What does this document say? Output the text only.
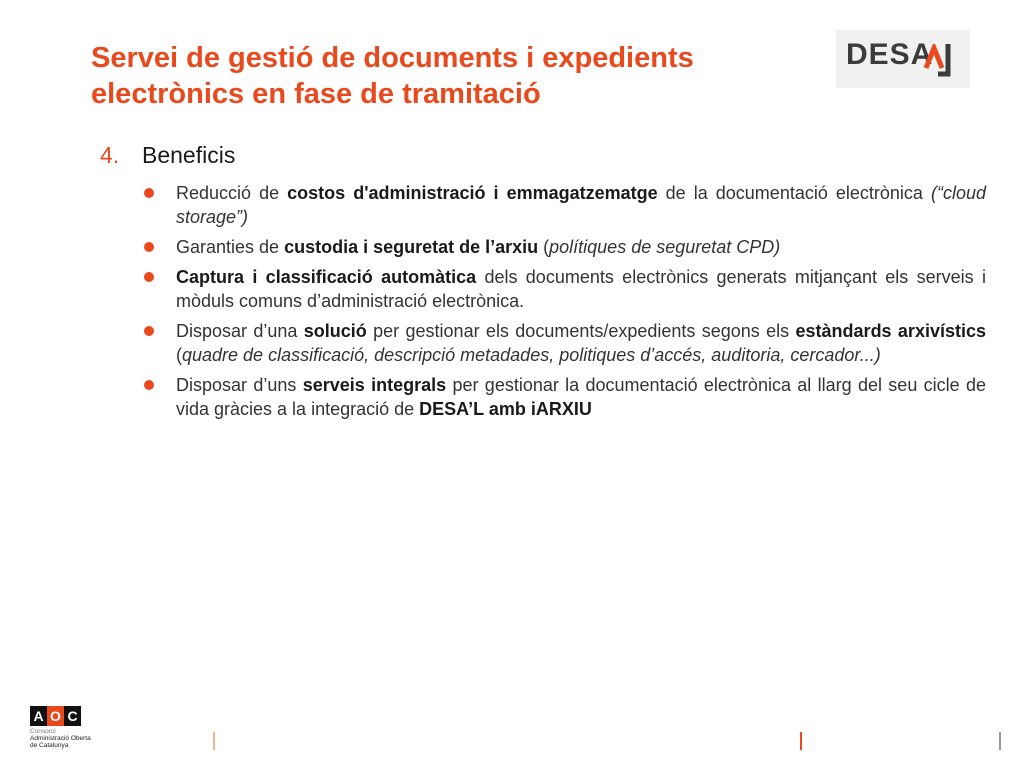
Servei de gestió de documents i expedients
electrònics en fase de tramitació
DESA
4. Beneficis
Reducció de costos d'administració i emmagatzematge de la documentació electrònica (“cloud storage”)
Garanties de custodia i seguretat de l’arxiu (polítiques de seguretat CPD)
Captura i classificació automàtica dels documents electrònics generats mitjançant els serveis i mòduls comuns d’administració electrònica.
Disposar d’una solució per gestionar els documents/expedients segons els estàndards arxivístics (quadre de classificació, descripció metadades, politiques d’accés, auditoria, cercador...)
Disposar d’uns serveis integrals per gestionar la documentació electrònica al llarg del seu cicle de vida gràcies a la integració de DESA’L amb iARXIU
A O C
Consorci
Administració Oberta
de Catalunya
